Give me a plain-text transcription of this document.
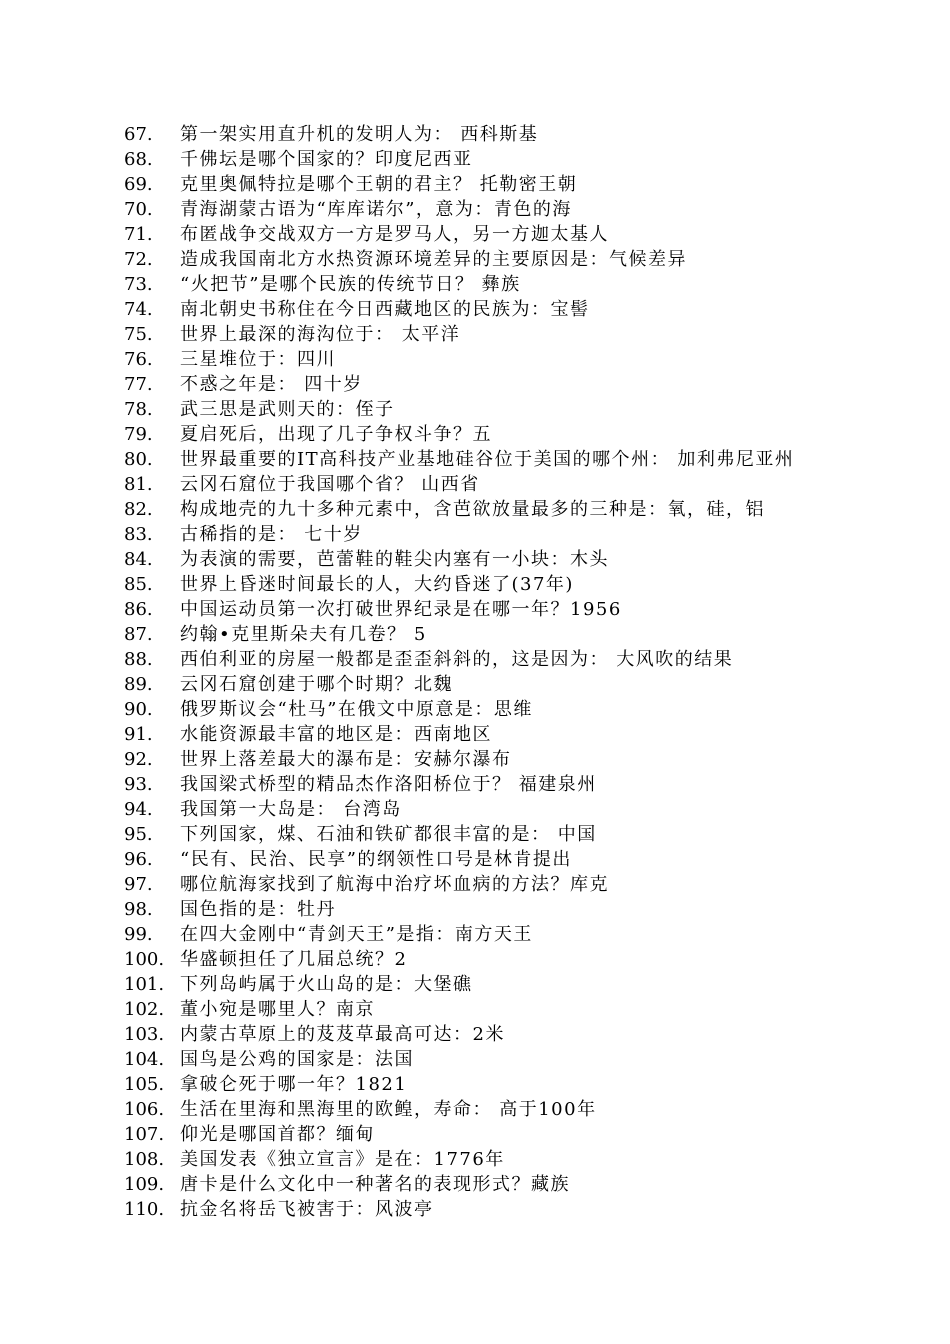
67.	第一架实用直升机的发明人为： 西科斯基
68.	千佛坛是哪个国家的？印度尼西亚
69.	克里奥佩特拉是哪个王朝的君主？ 托勒密王朝
70.	青海湖蒙古语为“库库诺尔”，意为：青色的海
71.	布匿战争交战双方一方是罗马人，另一方迦太基人
72.	造成我国南北方水热资源环境差异的主要原因是：气候差异
73.	“火把节”是哪个民族的传统节日？ 彝族
74.	南北朝史书称住在今日西藏地区的民族为：宝髻
75.	世界上最深的海沟位于： 太平洋
76.	三星堆位于：四川
77.	不惑之年是： 四十岁
78.	武三思是武则天的：侄子
79.	夏启死后，出现了几子争权斗争？五
80.	世界最重要的IT高科技产业基地硅谷位于美国的哪个州： 加利弗尼亚州
81.	云冈石窟位于我国哪个省？ 山西省
82.	构成地壳的九十多种元素中，含芭欲放量最多的三种是：氧，硅，铝
83.	古稀指的是： 七十岁
84.	为表演的需要，芭蕾鞋的鞋尖内塞有一小块：木头
85.	世界上昏迷时间最长的人，大约昏迷了(37年)
86.	中国运动员第一次打破世界纪录是在哪一年？1956
87.	约翰•克里斯朵夫有几卷？ 5
88.	西伯利亚的房屋一般都是歪歪斜斜的，这是因为： 大风吹的结果
89.	云冈石窟创建于哪个时期？北魏
90.	俄罗斯议会“杜马”在俄文中原意是：思维
91.	水能资源最丰富的地区是：西南地区
92.	世界上落差最大的瀑布是：安赫尔瀑布
93.	我国梁式桥型的精品杰作洛阳桥位于？ 福建泉州
94.	我国第一大岛是： 台湾岛
95.	下列国家，煤、石油和铁矿都很丰富的是： 中国
96.	“民有、民治、民享”的纲领性口号是林肯提出
97.	哪位航海家找到了航海中治疗坏血病的方法？库克
98.	国色指的是：牡丹
99.	在四大金刚中“青剑天王”是指：南方天王
100. 华盛顿担任了几届总统？2
101. 下列岛屿属于火山岛的是：大堡礁
102. 董小宛是哪里人？南京
103. 内蒙古草原上的芨芨草最高可达：2米
104. 国鸟是公鸡的国家是：法国
105. 拿破仑死于哪一年？1821
106. 生活在里海和黑海里的欧鳇，寿命： 高于100年
107. 仰光是哪国首都？缅甸
108. 美国发表《独立宣言》是在：1776年
109. 唐卡是什么文化中一种著名的表现形式？藏族
110. 抗金名将岳飞被害于：风波亭
